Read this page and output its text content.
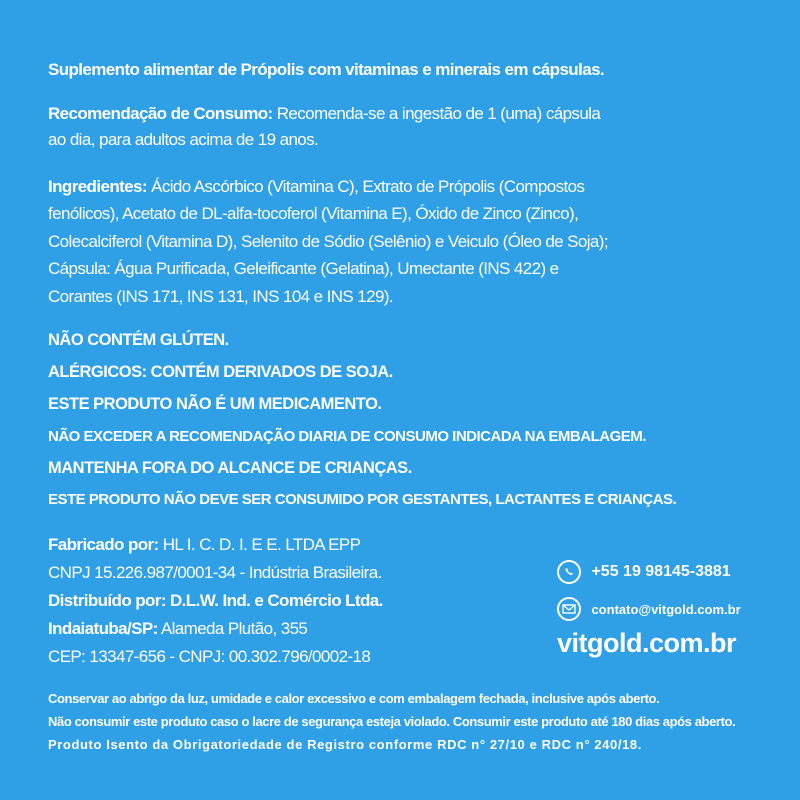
Suplemento alimentar de Própolis com vitaminas e minerais em cápsulas.
Recomendação de Consumo: Recomenda-se a ingestão de 1 (uma) cápsula
ao dia, para adultos acima de 19 anos.
Ingredientes: Ácido Ascórbico (Vitamina C), Extrato de Própolis (Compostos
fenólicos), Acetato de DL-alfa-tocoferol (Vitamina E), Óxido de Zinco (Zinco),
Colecalciferol (Vitamina D), Selenito de Sódio (Selênio) e Veiculo (Óleo de Soja);
Cápsula: Água Purificada, Geleificante (Gelatina), Umectante (INS 422) e
Corantes (INS 171, INS 131, INS 104 e INS 129).
NÃO CONTÉM GLÚTEN.
ALÉRGICOS: CONTÉM DERIVADOS DE SOJA.
ESTE PRODUTO NÃO É UM MEDICAMENTO.
NÃO EXCEDER A RECOMENDAÇÃO DIARIA DE CONSUMO INDICADA NA EMBALAGEM.
MANTENHA FORA DO ALCANCE DE CRIANÇAS.
ESTE PRODUTO NÃO DEVE SER CONSUMIDO POR GESTANTES, LACTANTES E CRIANÇAS.
Fabricado por: HL I. C. D. I. E E. LTDA EPP
CNPJ 15.226.987/0001-34 - Indústria Brasileira.
Distribuído por: D.L.W. Ind. e Comércio Ltda.
Indaiatuba/SP: Alameda Plutão, 355
CEP: 13347-656 - CNPJ: 00.302.796/0002-18
Conservar ao abrigo da luz, umidade e calor excessivo e com embalagem fechada, inclusive após aberto.
Não consumir este produto caso o lacre de segurança esteja violado. Consumir este produto até 180 dias após aberto.
Produto Isento da Obrigatoriedade de Registro conforme RDC n° 27/10 e RDC n° 240/18.
+55 19 98145-3881
contato@vitgold.com.br
vitgold.com.br
